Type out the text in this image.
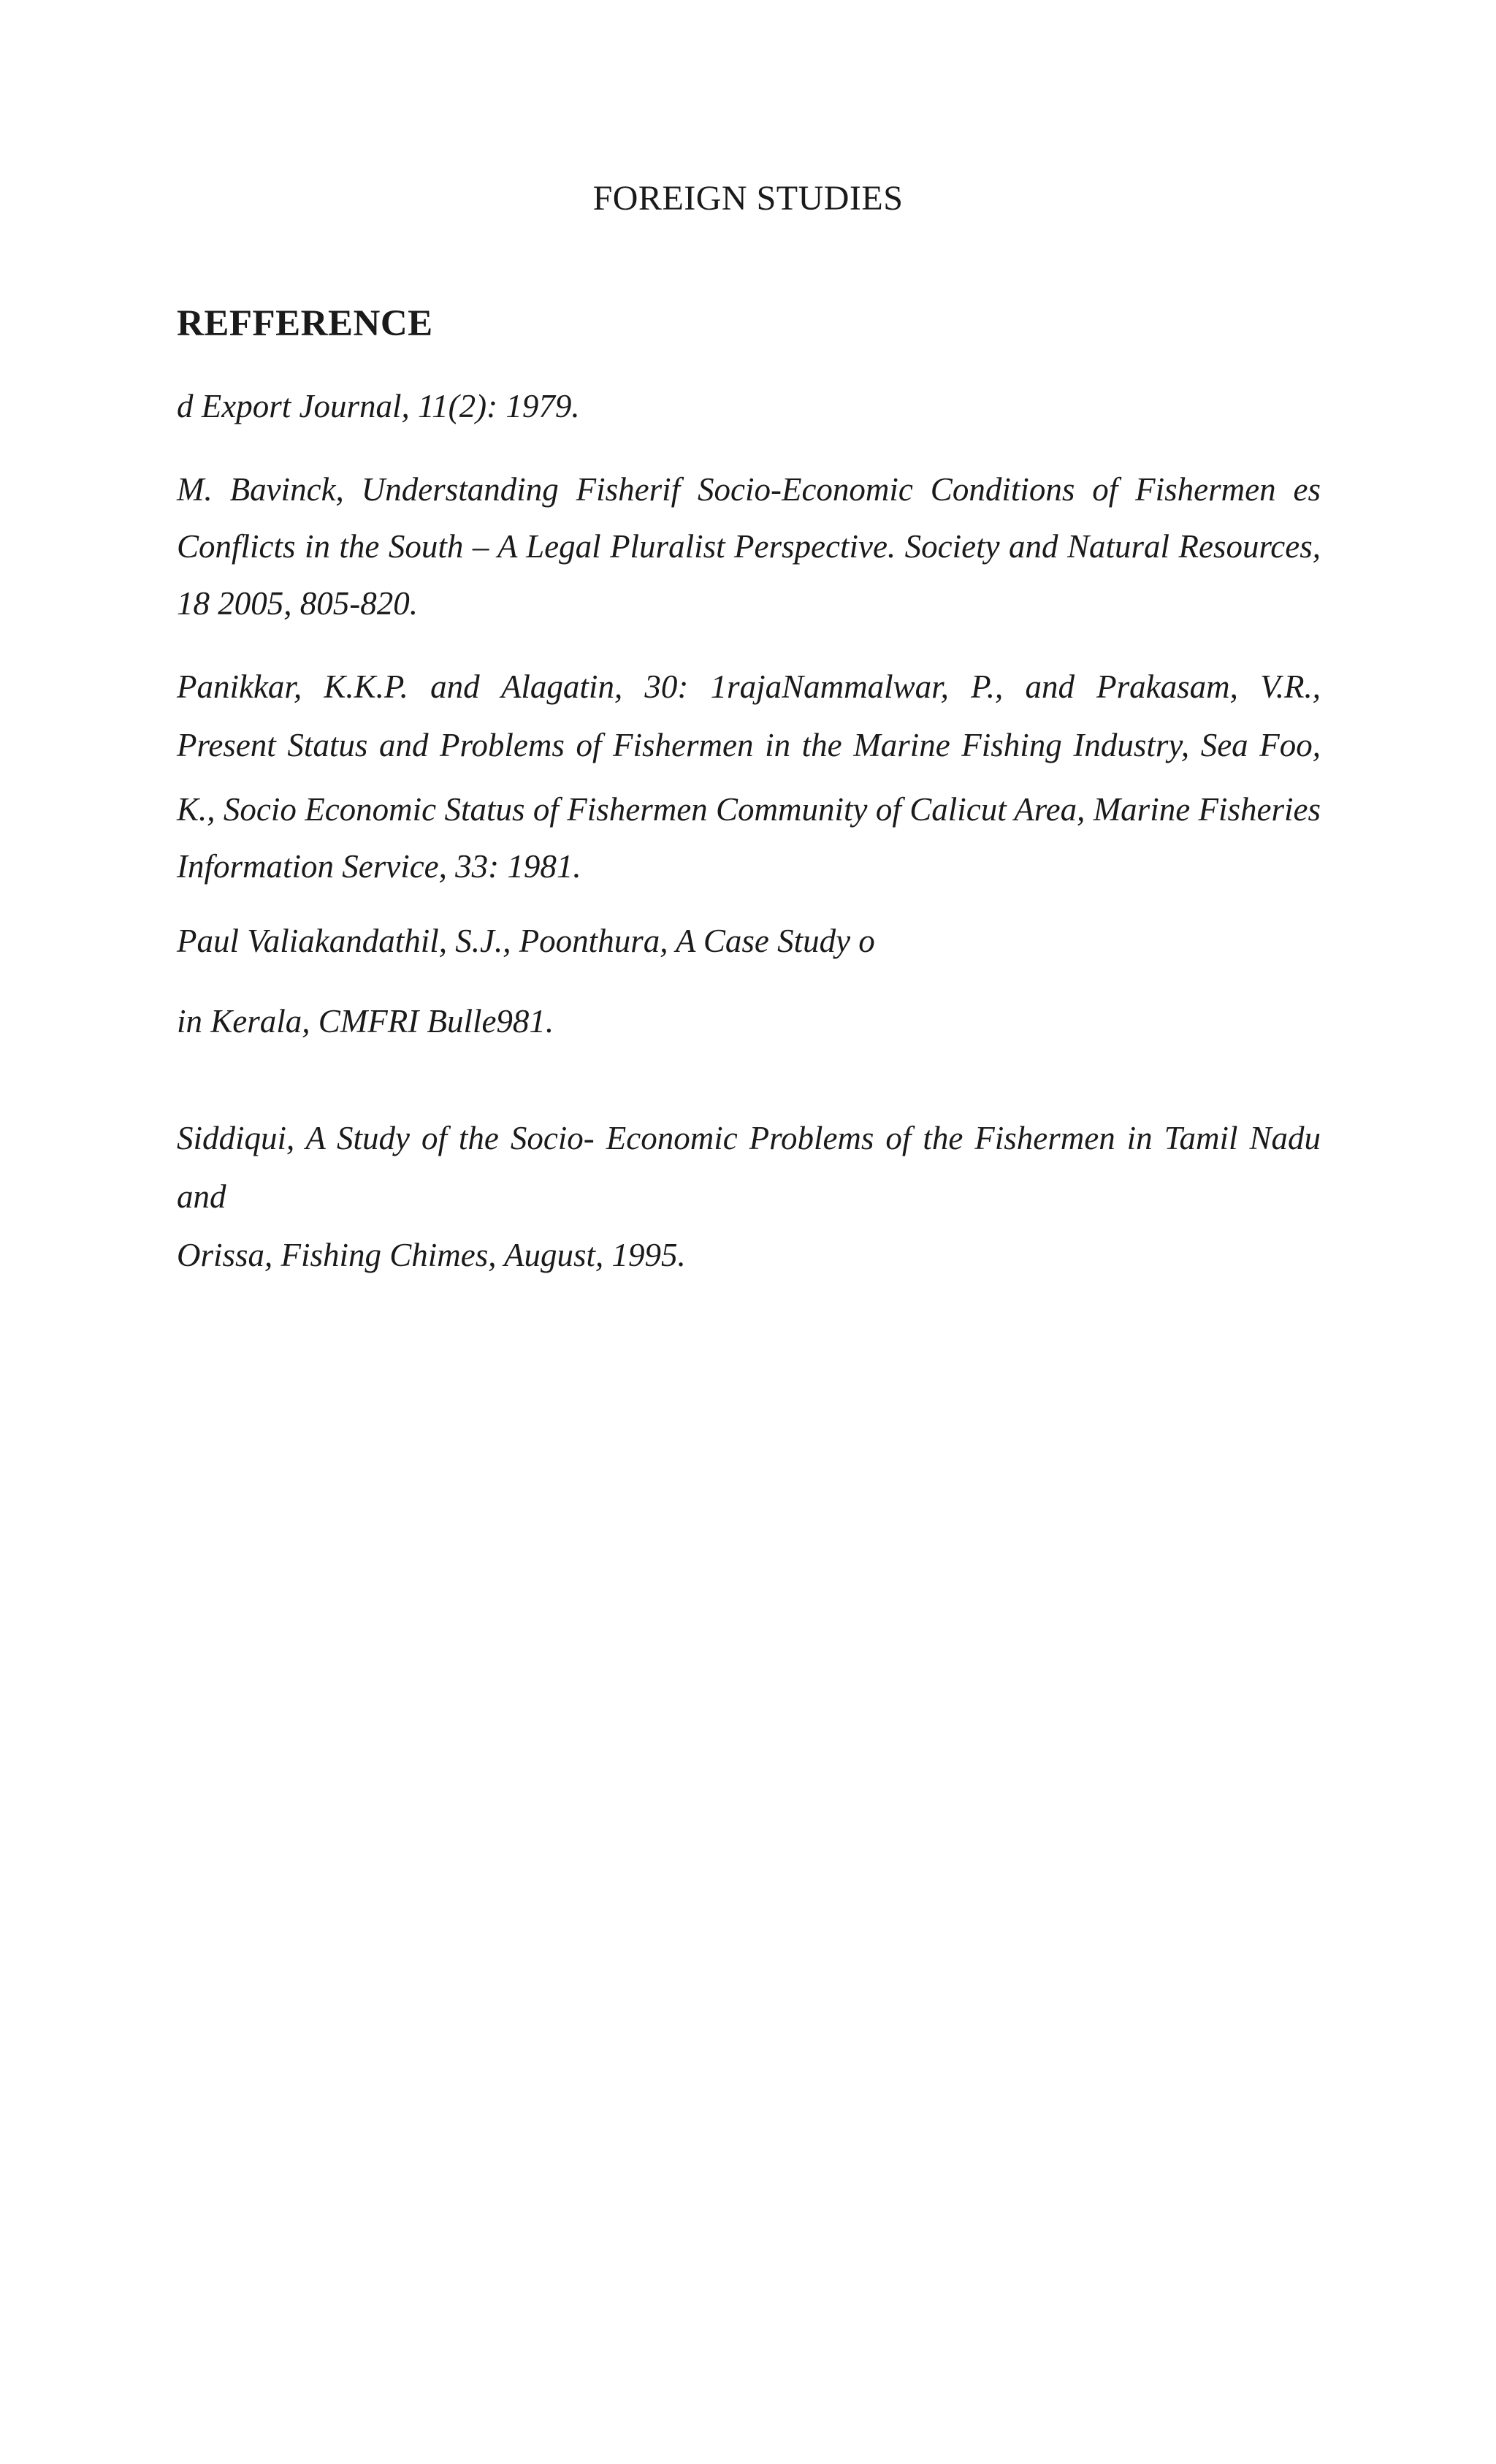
FOREIGN STUDIES
REFFERENCE

d Export Journal, 11(2): 1979.

M. Bavinck, Understanding Fisherif Socio-Economic Conditions of Fishermen es Conflicts in the South – A Legal Pluralist Perspective. Society and Natural Resources, 18 2005, 805-820.

Panikkar, K.K.P. and Alagatin, 30: 1rajaNammalwar, P., and Prakasam, V.R.,

Present Status and Problems of Fishermen in the Marine Fishing Industry, Sea Foo,

K., Socio Economic Status of Fishermen Community of Calicut Area, Marine Fisheries Information Service, 33: 1981.

Paul Valiakandathil, S.J., Poonthura, A Case Study o

in Kerala, CMFRI Bulle981.

Siddiqui, A Study of the Socio- Economic Problems of the Fishermen in Tamil Nadu

and

Orissa, Fishing Chimes, August, 1995.
